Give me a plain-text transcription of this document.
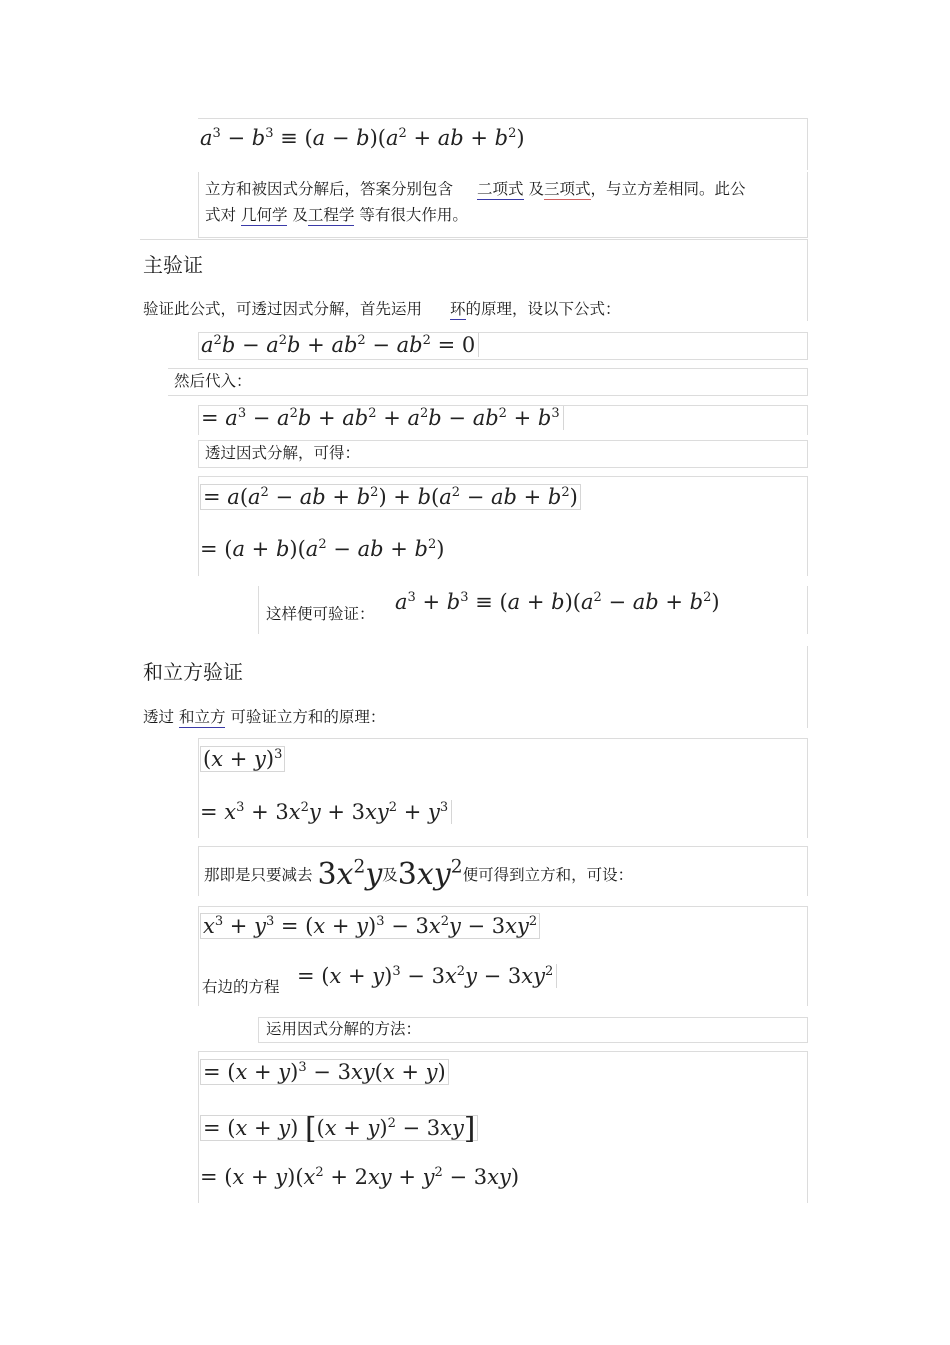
$a^3 - b^3 \equiv (a - b)(a^2$ + ab + $b^2$)
立方和被因式分解后，答案分别包含 二项式 及三项式，与立方差相同。此公
式对 几何学 及工程学 等有很大作用。
主验证
验证此公式，可透过因式分解，首先运用 环的原理，设以下公式：
$a^2b - a^2b + ab^2 - ab^2 = 0$
然后代入：
= $a^3 - a^2b + ab^2 + a^2b - ab^2 + b^3$
透过因式分解，可得：
= $a(a^2$ − ab + $b^2) + b(a^2$ − ab + $b^2$)
= $(a + b)(a^2$ − ab + $b^2$)
这样便可验证： $a^3 + b^3 \equiv (a + b)(a^2$ − ab + $b^2$)
和立方验证
透过 和立方 可验证立方和的原理：
$(x + y)^3$
= $x^3 + 3x^2y + 3xy^2 + y^3$
那即是只要减去 $3x^2y$及$3xy^2$便可得到立方和，可设：
$x^3 + y^3 = (x + y)^3 - 3x^2y - 3xy^2$
右边的方程 = $(x + y)^3 - 3x^2y - 3xy^2$
运用因式分解的方法：
= $(x + y)^3 - 3xy(x + y)$
= (x + y) $[(x + y)^2 - 3xy]$
= $(x + y)(x^2 + 2xy + y^2 - 3xy)$
